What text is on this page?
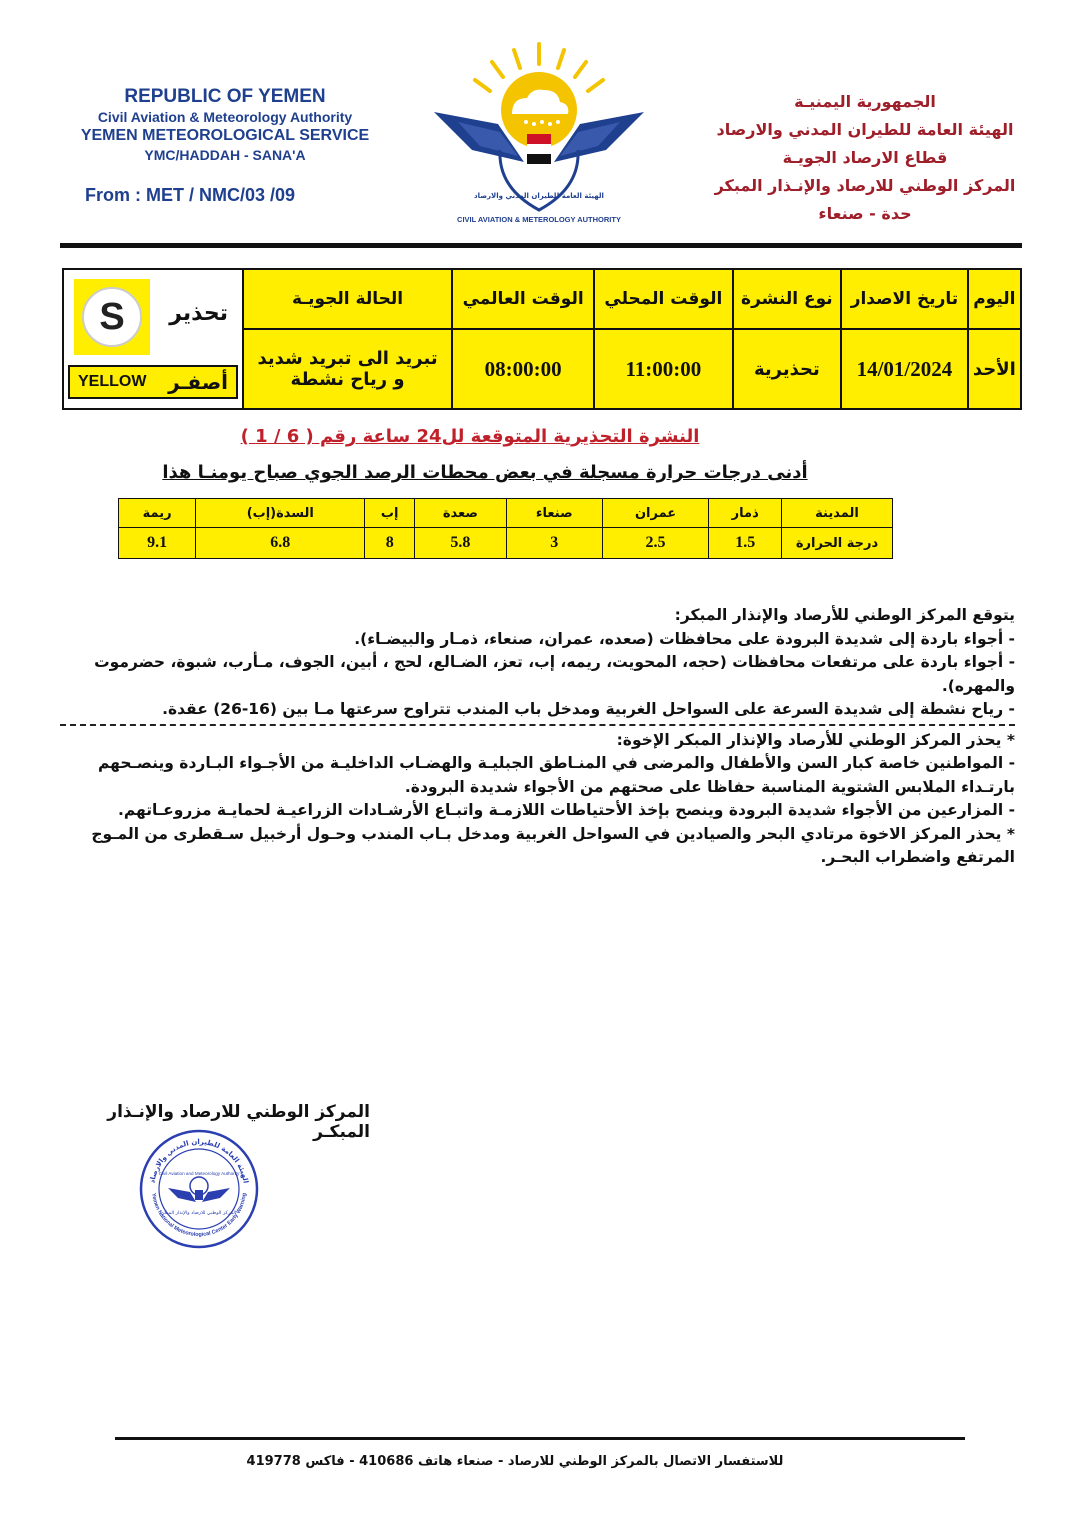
REPUBLIC OF YEMEN
Civil Aviation & Meteorology Authority
YEMEN METEOROLOGICAL SERVICE
YMC/HADDAH - SANA'A
From : MET / NMC/03 /09
CIVIL AVIATION & METEROLOGY AUTHORITY
الهيئة العامة للطيران المدني والارصاد
الجمهورية اليمنيـة
الهيئة العامة للطيران المدني والارصاد
قطاع الارصاد الجويـة
المركز الوطني للارصاد والإنـذار المبكر
حدة - صنعاء
اليوم	تاريخ الاصدار	نوع النشرة	الوقت المحلي	الوقت العالمي	الحالة الجويـة	تحذير
S
أصفـر
YELLOW

الأحد	14/01/2024	تحذيرية	11:00:00	08:00:00	تبريد الى تبريد شديد
و رياح نشطة	
النشرة التحذيرية المتوقعة لل24 ساعة رقم ( 6 / 1 )
أدنى درجات حرارة مسجلة في بعض محطات الرصد الجوي صباح يومنـا هذا
المدينة	ذمار	عمران	صنعاء	صعدة	إب	السدة(إب)	ريمة
درجة الحرارة	1.5	2.5	3	5.8	8	6.8	9.1

يتوقع المركز الوطني للأرصاد والإنذار المبكر:

- أجواء باردة إلى شديدة البرودة على محافظات (صعده، عمران، صنعاء، ذمـار والبيضـاء).

- أجواء باردة على مرتفعات محافظات (حجه، المحويت، ريمه، إب، تعز، الضـالع، لحج ، أبين، الجوف، مـأرب، شبوة، حضرموت والمهره).

- رياح نشطة إلى شديدة السرعة على السواحل الغربية ومدخل باب المندب تتراوح سرعتها مـا بين (16-26) عقدة.

* يحذر المركز الوطني للأرصاد والإنذار المبكر الإخوة:

- المواطنين خاصة كبار السن والأطفال والمرضى في المنـاطق الجبليـة والهضـاب الداخليـة من الأجـواء البـاردة وينصـحهم بارتـداء الملابس الشتوية المناسبة حفاظا على صحتهم من الأجواء شديدة البرودة.

- المزارعين من الأجواء شديدة البرودة وينصح بإخذ الأحتياطات اللازمـة واتبـاع الأرشـادات الزراعيـة لحمايـة مزروعـاتهم.

* يحذر المركز الاخوة مرتادي البحر والصيادين في السواحل الغربية ومدخل بـاب المندب وحـول أرخبيل سـقطرى من المـوج المرتفع واضطراب البحـر.

المركز الوطني للارصاد والإنـذار المبكـر
الهيئة العامة للطيران المدني والارصاد
Yemen National Meteorological Center Early Warning
Civil Aviation and Meteorology Authority
المركز الوطني للارصاد والإنذار المبكر
للاستفسار الاتصال بالمركز الوطني للارصاد - صنعاء هاتف 410686 - فاكس 419778
